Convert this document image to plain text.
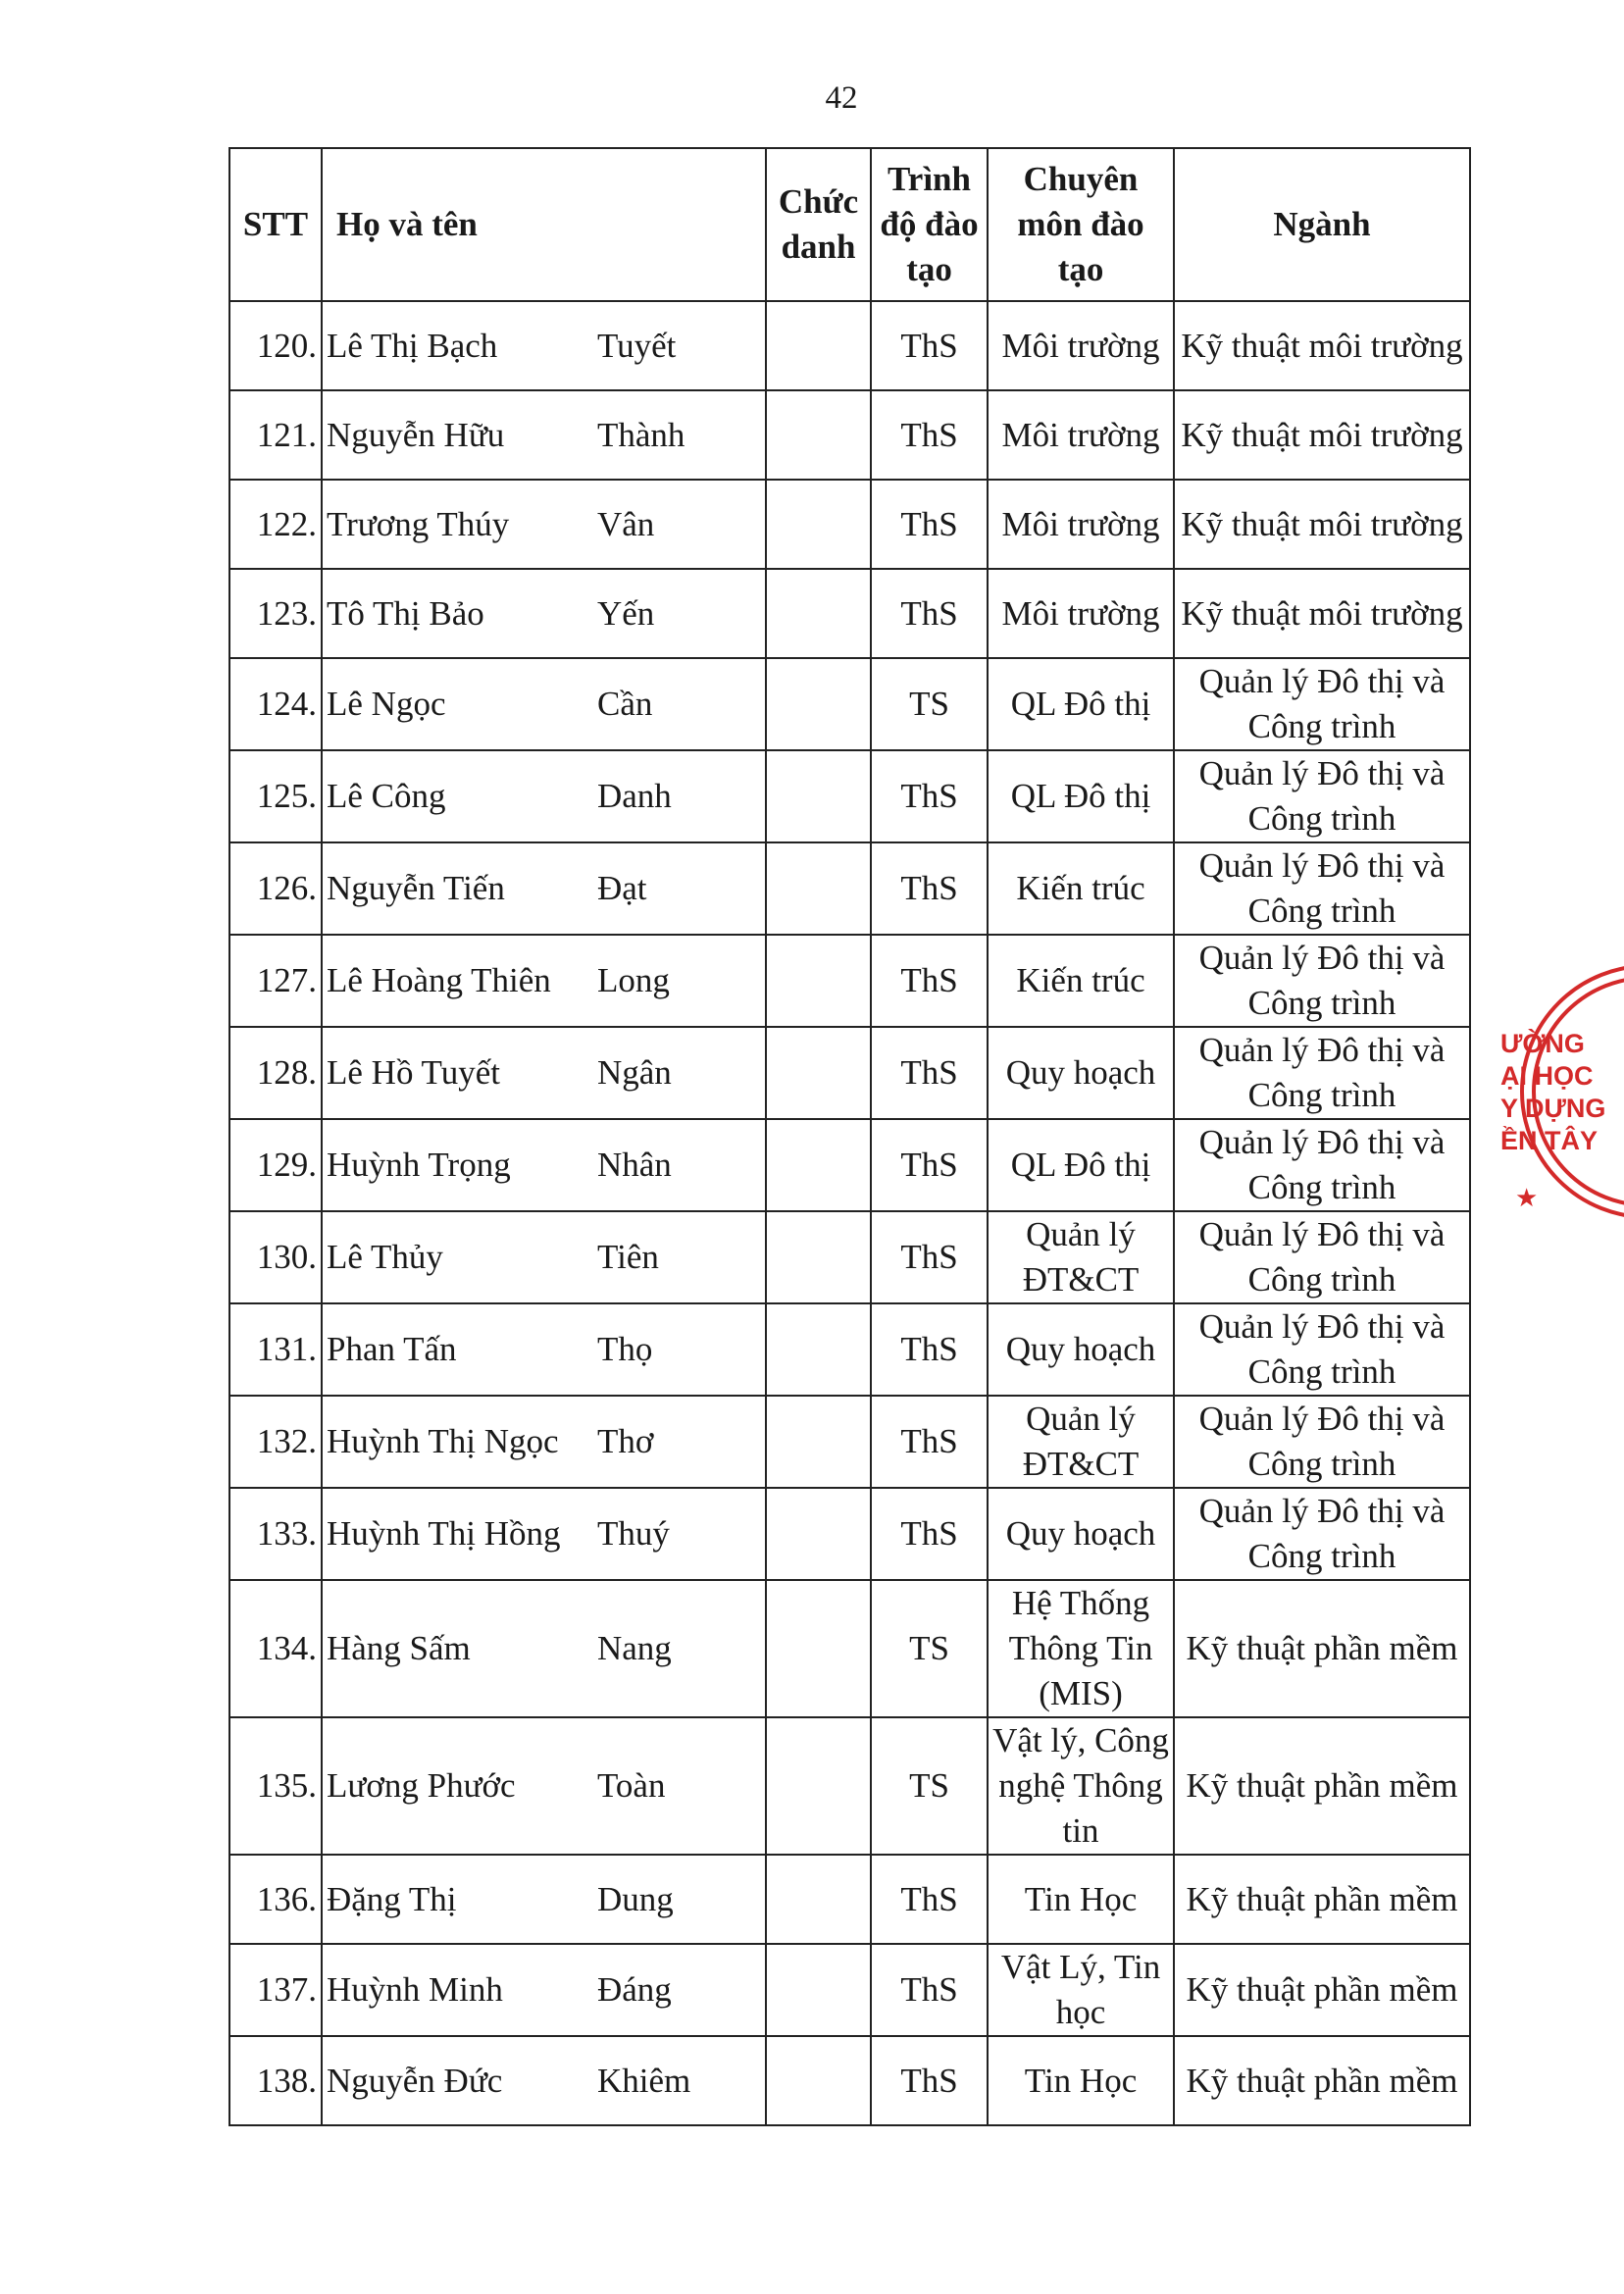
42
STT	Họ và tên		Chức danh	Trình độ đào tạo	Chuyên môn đào tạo	Ngành
120.	Lê Thị Bạch	Tuyết		ThS	Môi trường	Kỹ thuật môi trường
121.	Nguyễn Hữu	Thành		ThS	Môi trường	Kỹ thuật môi trường
122.	Trương Thúy	Vân		ThS	Môi trường	Kỹ thuật môi trường
123.	Tô Thị Bảo	Yến		ThS	Môi trường	Kỹ thuật môi trường
124.	Lê Ngọc	Cần		TS	QL Đô thị	Quản lý Đô thị và Công trình
125.	Lê Công	Danh		ThS	QL Đô thị	Quản lý Đô thị và Công trình
126.	Nguyễn Tiến	Đạt		ThS	Kiến trúc	Quản lý Đô thị và Công trình
127.	Lê Hoàng Thiên	Long		ThS	Kiến trúc	Quản lý Đô thị và Công trình
128.	Lê Hồ Tuyết	Ngân		ThS	Quy hoạch	Quản lý Đô thị và Công trình
129.	Huỳnh Trọng	Nhân		ThS	QL Đô thị	Quản lý Đô thị và Công trình
130.	Lê Thủy	Tiên		ThS	Quản lý ĐT&CT	Quản lý Đô thị và Công trình
131.	Phan Tấn	Thọ		ThS	Quy hoạch	Quản lý Đô thị và Công trình
132.	Huỳnh Thị Ngọc	Thơ		ThS	Quản lý ĐT&CT	Quản lý Đô thị và Công trình
133.	Huỳnh Thị Hồng	Thuý		ThS	Quy hoạch	Quản lý Đô thị và Công trình
134.	Hàng Sấm	Nang		TS	Hệ Thống Thông Tin (MIS)	Kỹ thuật phần mềm
135.	Lương Phước	Toàn		TS	Vật lý, Công nghệ Thông tin	Kỹ thuật phần mềm
136.	Đặng Thị	Dung		ThS	Tin Học	Kỹ thuật phần mềm
137.	Huỳnh Minh	Đáng		ThS	Vật Lý, Tin học	Kỹ thuật phần mềm
138.	Nguyễn Đức	Khiêm		ThS	Tin Học	Kỹ thuật phần mềm
ƯỜNG
ẠI HỌC
Y DỰNG
ỀN TÂY
★
